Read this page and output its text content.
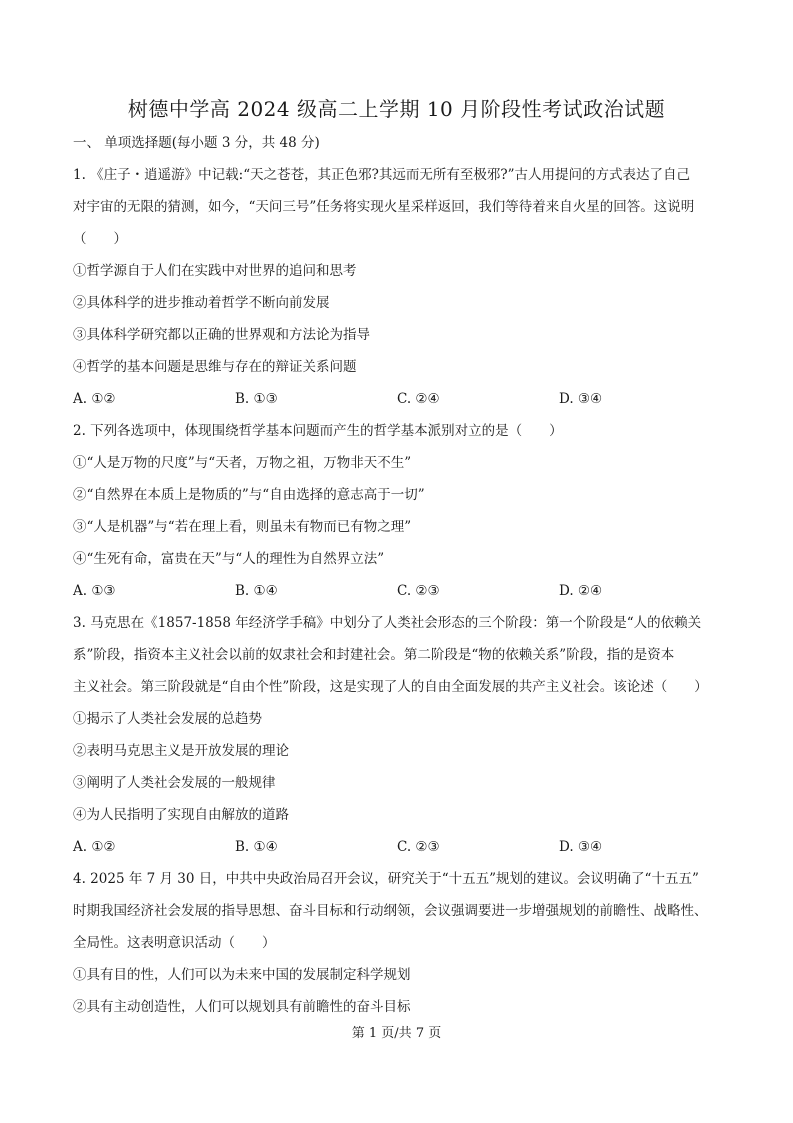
树德中学高 2024 级高二上学期 10 月阶段性考试政治试题

一、 单项选择题(每小题 3 分，共 48 分)

1. 《庄子・逍遥游》中记载:“天之苍苍，其正色邪?其远而无所有至极邪?”古人用提问的方式表达了自己

对宇宙的无限的猜测，如今，“天问三号”任务将实现火星采样返回，我们等待着来自火星的回答。这说明

（　　）

①哲学源自于人们在实践中对世界的追问和思考

②具体科学的进步推动着哲学不断向前发展

③具体科学研究都以正确的世界观和方法论为指导

④哲学的基本问题是思维与存在的辩证关系问题

A. ①②	B. ①③	C. ②④	D. ③④

2. 下列各选项中，体现围绕哲学基本问题而产生的哲学基本派别对立的是（　　）

①“人是万物的尺度”与“天者，万物之祖，万物非天不生”

②“自然界在本质上是物质的”与“自由选择的意志高于一切”

③“人是机器”与“若在理上看，则虽未有物而已有物之理”

④“生死有命，富贵在天”与“人的理性为自然界立法”

A. ①③	B. ①④	C. ②③	D. ②④

3. 马克思在《1857-1858 年经济学手稿》中划分了人类社会形态的三个阶段：第一个阶段是“人的依赖关

系”阶段，指资本主义社会以前的奴隶社会和封建社会。第二阶段是“物的依赖关系”阶段，指的是资本

主义社会。第三阶段就是“自由个性”阶段，这是实现了人的自由全面发展的共产主义社会。该论述（　　）

①揭示了人类社会发展的总趋势

②表明马克思主义是开放发展的理论

③阐明了人类社会发展的一般规律

④为人民指明了实现自由解放的道路

A. ①②	B. ①④	C. ②③	D. ③④

4. 2025 年 7 月 30 日，中共中央政治局召开会议，研究关于“十五五”规划的建议。会议明确了“十五五”

时期我国经济社会发展的指导思想、奋斗目标和行动纲领，会议强调要进一步增强规划的前瞻性、战略性、

全局性。这表明意识活动（　　）

①具有目的性，人们可以为未来中国的发展制定科学规划

②具有主动创造性，人们可以规划具有前瞻性的奋斗目标

第 1 页/共 7 页
